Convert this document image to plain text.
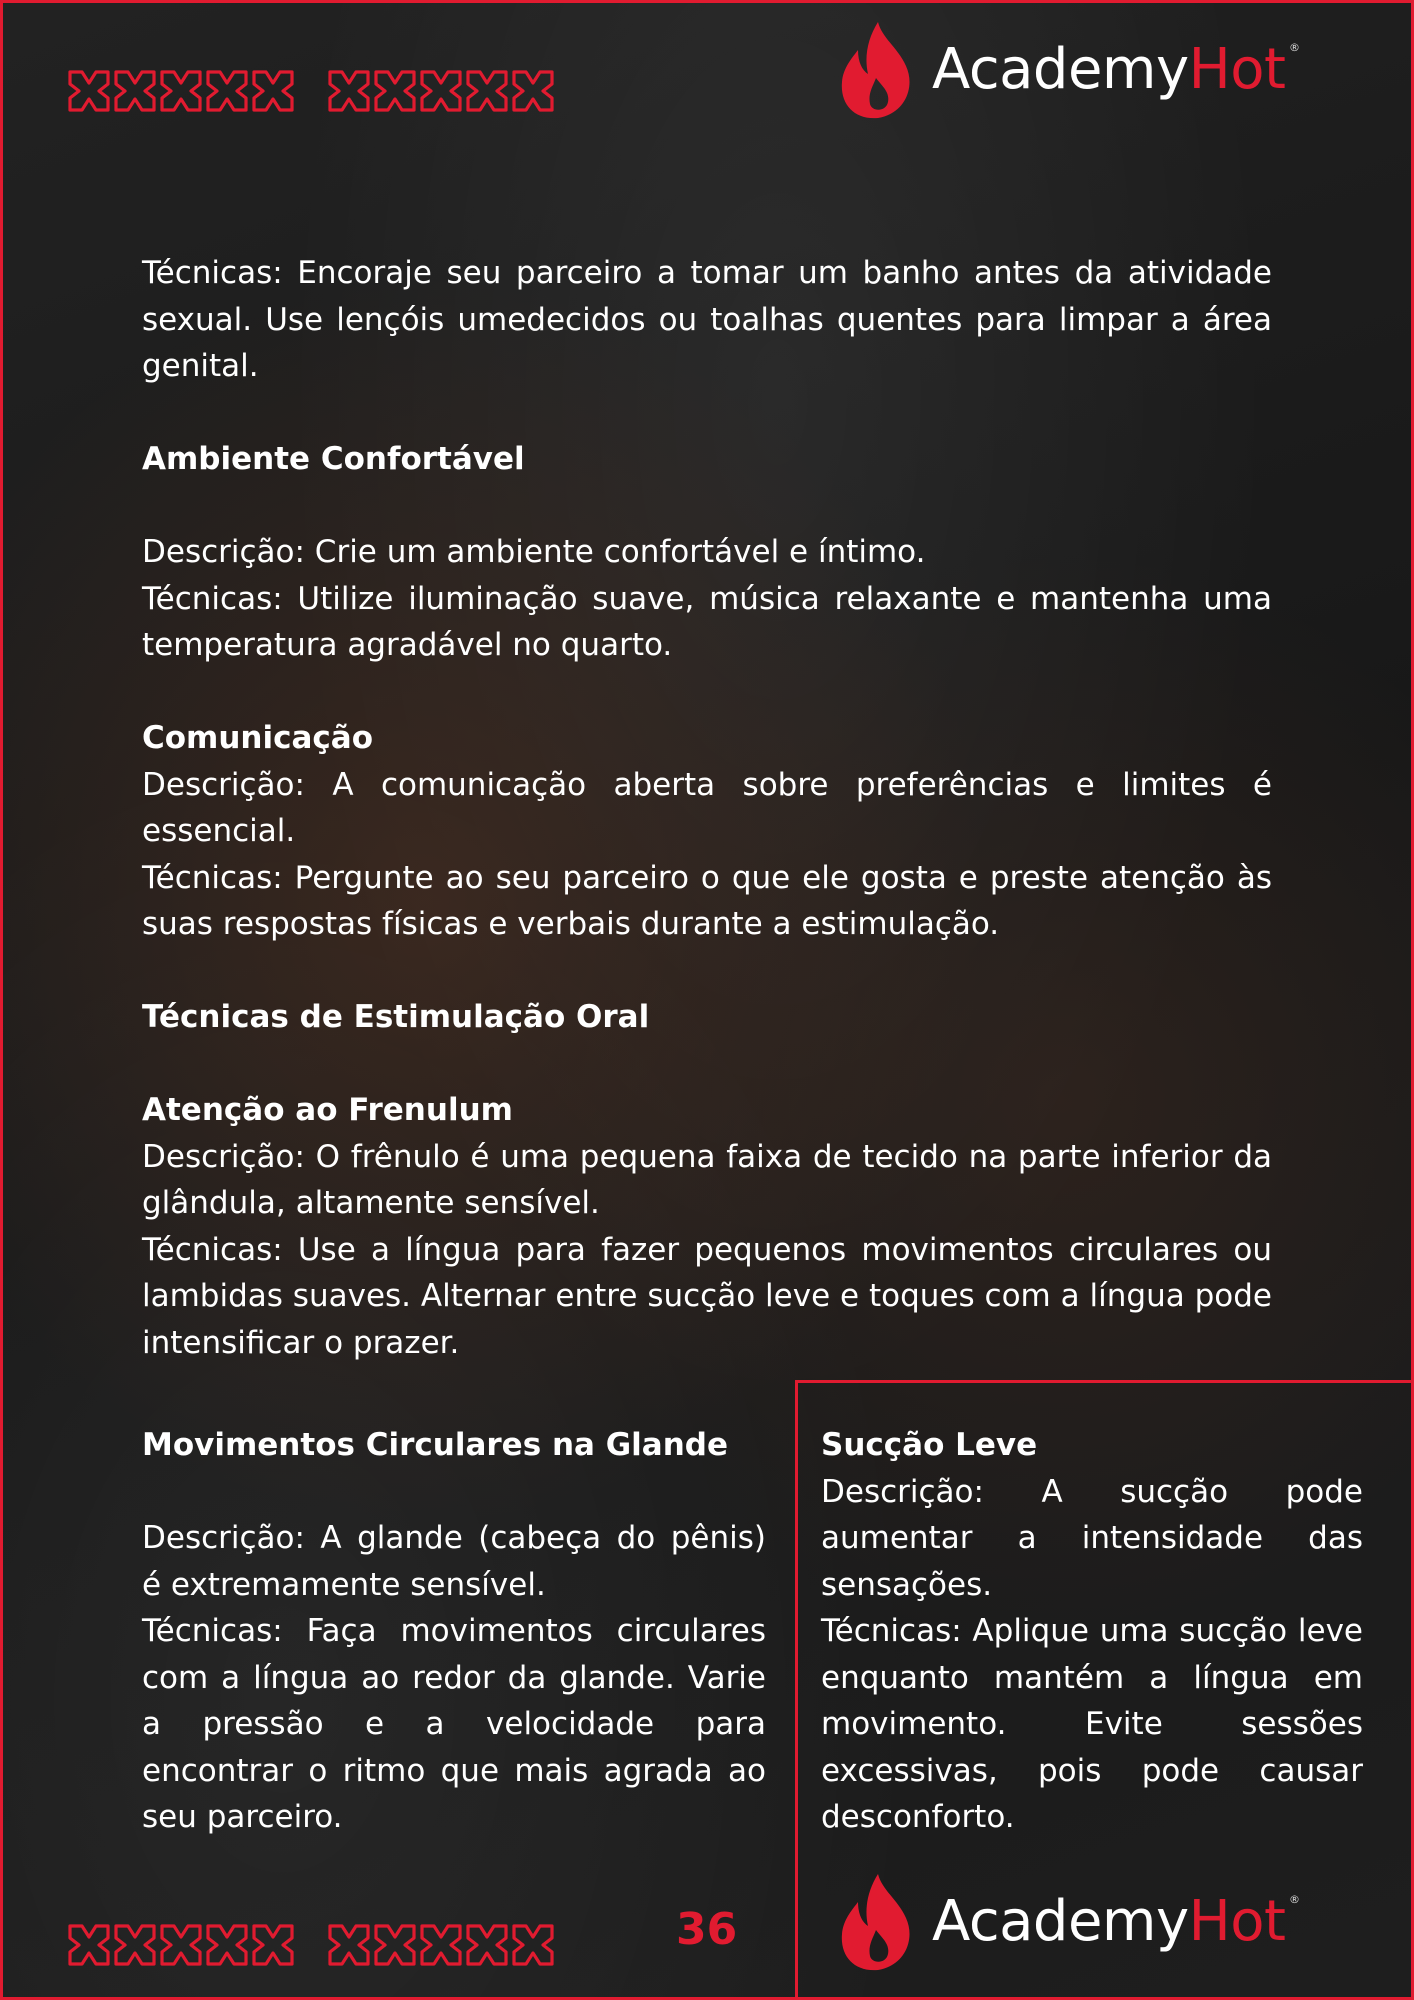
AcademyHot ®

Técnicas: Encoraje seu parceiro a tomar um banho antes da atividade sexual. Use lençóis umedecidos ou toalhas quentes para limpar a área genital.

Ambiente Confortável

Descrição: Crie um ambiente confortável e íntimo.

Técnicas: Utilize iluminação suave, música relaxante e mantenha uma temperatura agradável no quarto.

Comunicação

Descrição: A comunicação aberta sobre preferências e limites é essencial.

Técnicas: Pergunte ao seu parceiro o que ele gosta e preste atenção às suas respostas físicas e verbais durante a estimulação.

Técnicas de Estimulação Oral
Atenção ao Frenulum

Descrição: O frênulo é uma pequena faixa de tecido na parte inferior da glândula, altamente sensível.

Técnicas: Use a língua para fazer pequenos movimentos circulares ou lambidas suaves. Alternar entre sucção leve e toques com a língua pode intensificar o prazer.

Movimentos Circulares na Glande

Descrição: A glande (cabeça do pênis) é extremamente sensível.

Técnicas: Faça movimentos circulares com a língua ao redor da glande. Varie a pressão e a velocidade para encontrar o ritmo que mais agrada ao seu parceiro.

Sucção Leve

Descrição: A sucção pode aumentar a intensidade das sensações.

Técnicas: Aplique uma sucção leve enquanto mantém a língua em movimento. Evite sessões excessivas, pois pode causar desconforto.

36	AcademyHot ®
